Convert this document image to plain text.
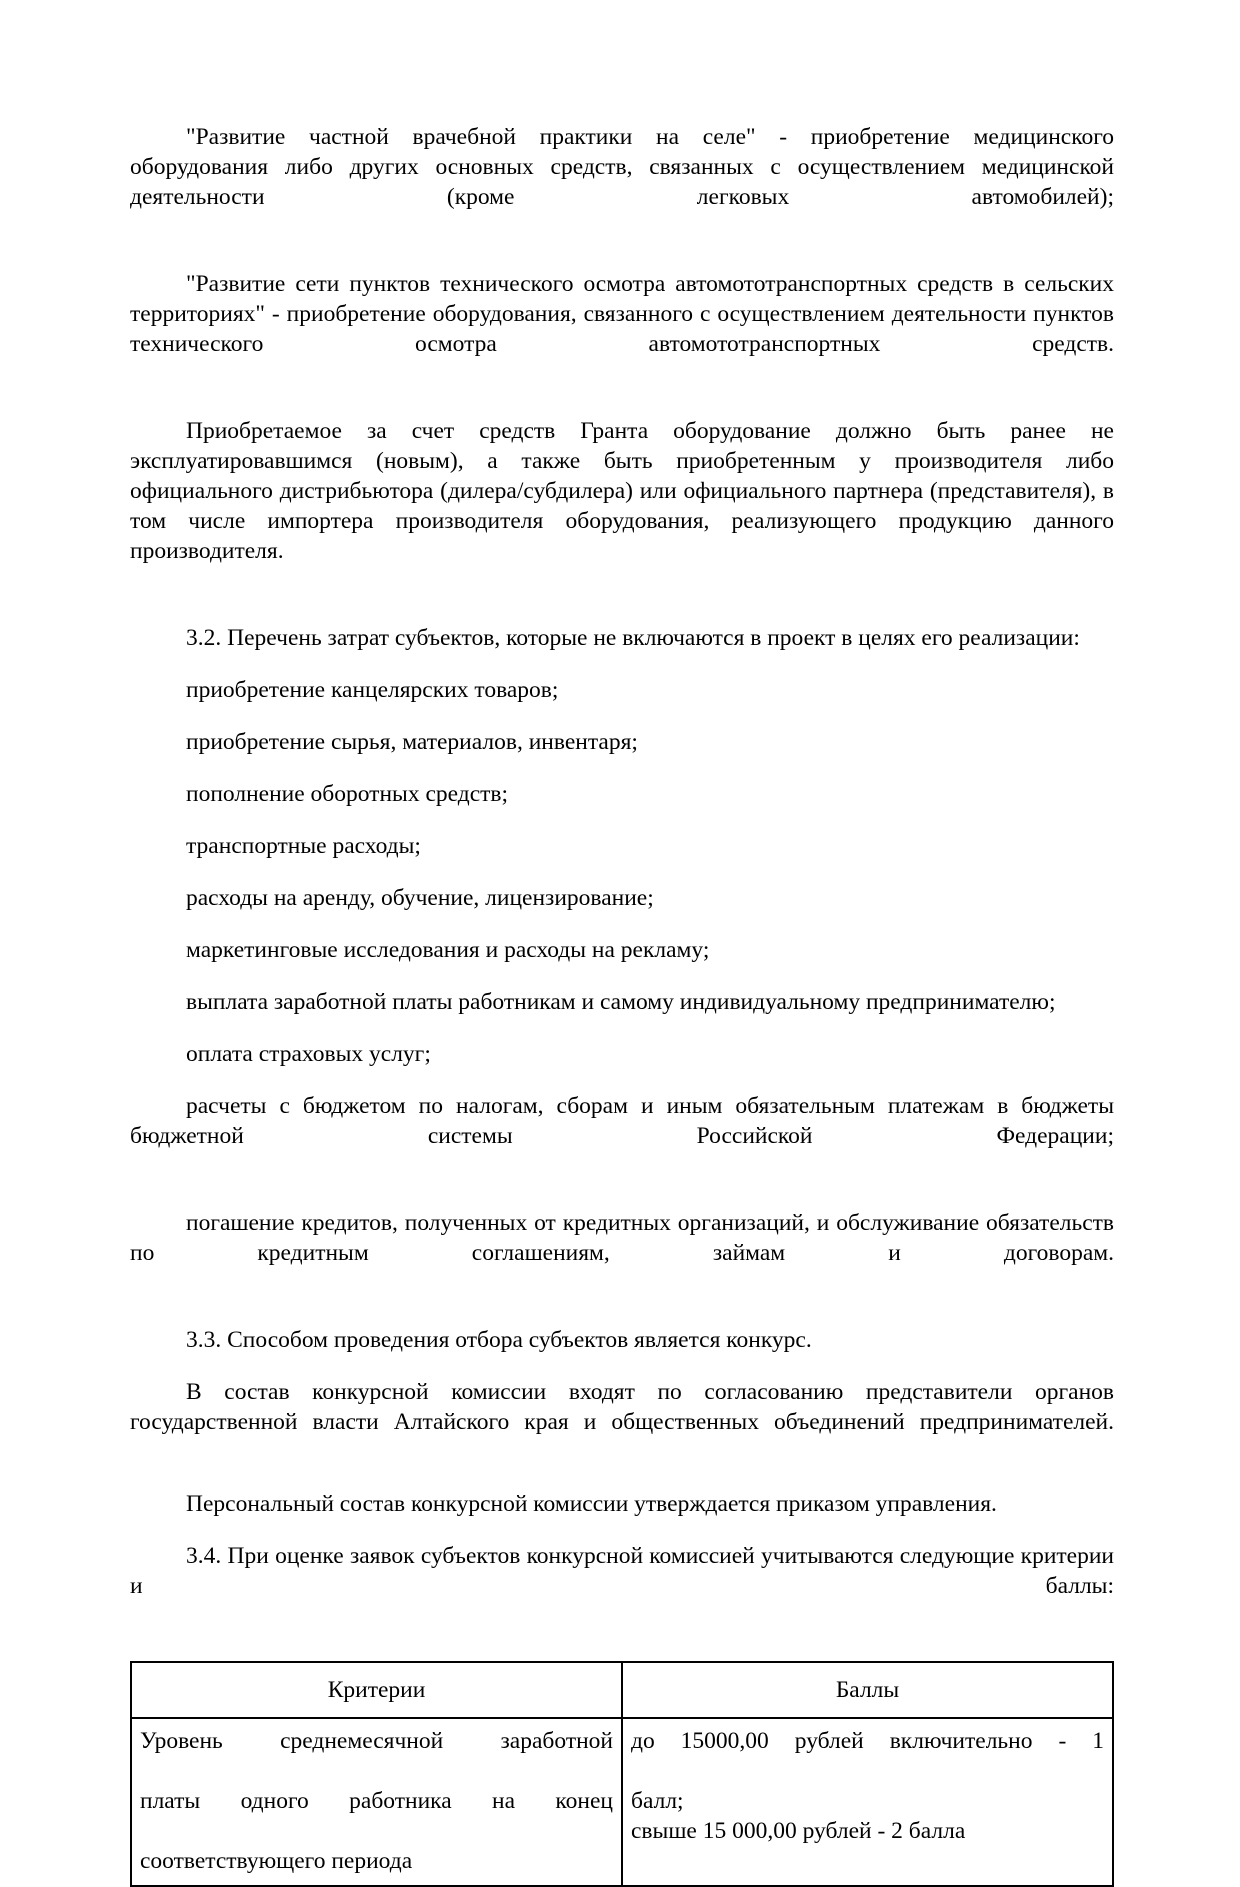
"Развитие частной врачебной практики на селе" - приобретение медицинского оборудования либо других основных средств, связанных с осуществлением медицинской деятельности (кроме легковых автомобилей);

"Развитие сети пунктов технического осмотра автомототранспортных средств в сельских территориях" - приобретение оборудования, связанного с осуществлением деятельности пунктов технического осмотра автомототранспортных средств.

Приобретаемое за счет средств Гранта оборудование должно быть ранее не эксплуатировавшимся (новым), а также быть приобретенным у производителя либо официального дистрибьютора (дилера/субдилера) или официального партнера (представителя), в том числе импортера производителя оборудования, реализующего продукцию данного производителя.

3.2. Перечень затрат субъектов, которые не включаются в проект в целях его реализации:

приобретение канцелярских товаров;

приобретение сырья, материалов, инвентаря;

пополнение оборотных средств;

транспортные расходы;

расходы на аренду, обучение, лицензирование;

маркетинговые исследования и расходы на рекламу;

выплата заработной платы работникам и самому индивидуальному предпринимателю;

оплата страховых услуг;

расчеты с бюджетом по налогам, сборам и иным обязательным платежам в бюджеты бюджетной системы Российской Федерации;

погашение кредитов, полученных от кредитных организаций, и обслуживание обязательств по кредитным соглашениям, займам и договорам.

3.3. Способом проведения отбора субъектов является конкурс.

В состав конкурсной комиссии входят по согласованию представители органов государственной власти Алтайского края и общественных объединений предпринимателей.

Персональный состав конкурсной комиссии утверждается приказом управления.

3.4. При оценке заявок субъектов конкурсной комиссией учитываются следующие критерии и баллы:

Критерии	Баллы

Уровень среднемесячной заработной
платы одного работника на конец
соответствующего периода	до 15000,00 рублей включительно - 1
балл;
свыше 15 000,00 рублей - 2 балла
